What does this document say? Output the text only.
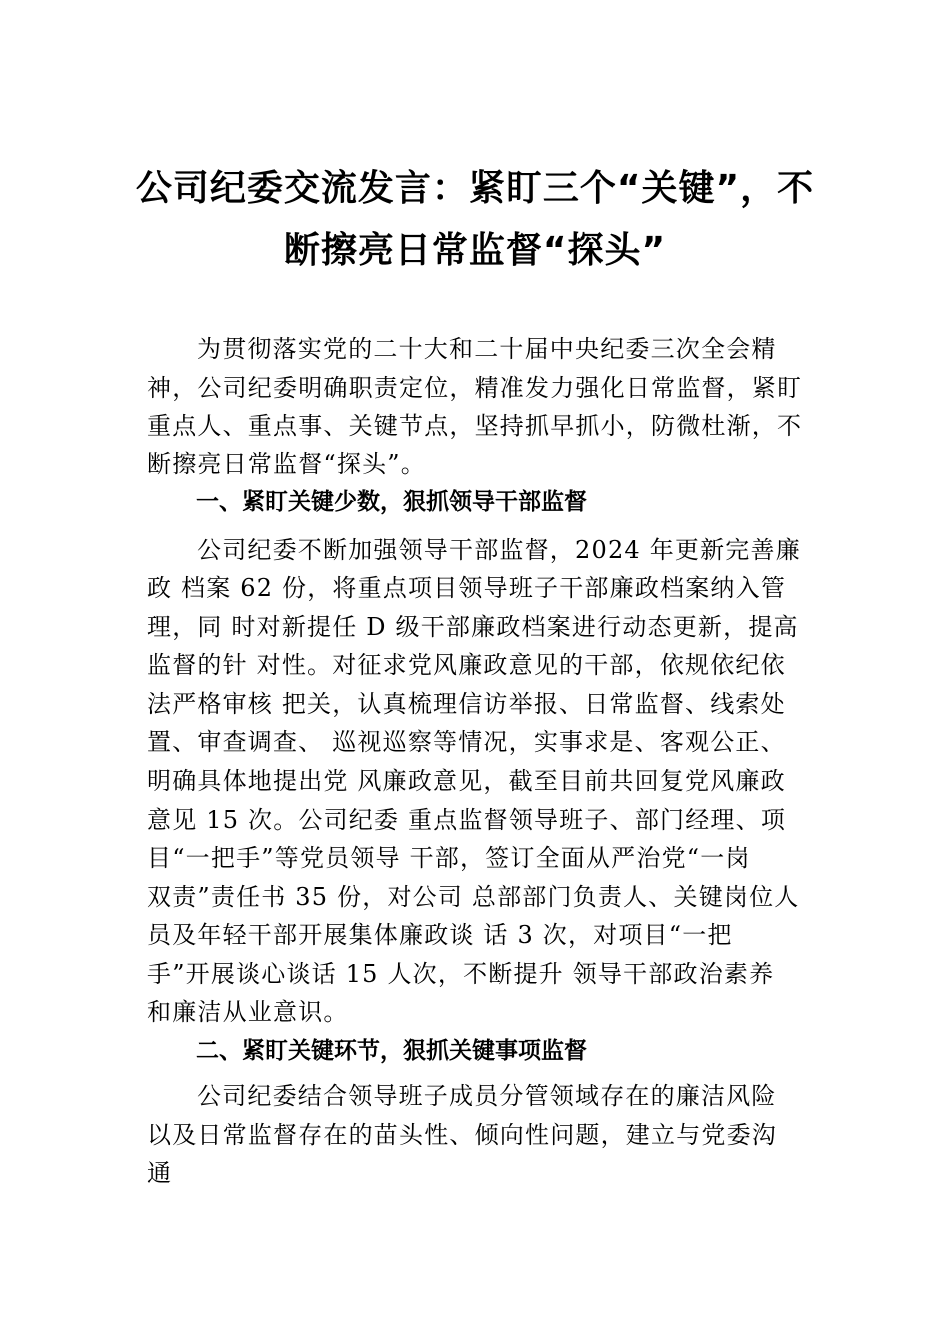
公司纪委交流发言：紧盯三个“关键”，不
断擦亮日常监督“探头”
为贯彻落实党的二十大和二十届中央纪委三次全会精
神，公司纪委明确职责定位，精准发力强化日常监督，紧盯
重点人、重点事、关键节点，坚持抓早抓小，防微杜渐，不
断擦亮日常监督“探头”。
一、紧盯关键少数，狠抓领导干部监督
公司纪委不断加强领导干部监督，2024 年更新完善廉
政 档案 62 份，将重点项目领导班子干部廉政档案纳入管
理，同 时对新提任 D 级干部廉政档案进行动态更新，提高
监督的针 对性。对征求党风廉政意见的干部，依规依纪依
法严格审核 把关，认真梳理信访举报、日常监督、线索处
置、审查调查、 巡视巡察等情况，实事求是、客观公正、
明确具体地提出党 风廉政意见，截至目前共回复党风廉政
意见 15 次。公司纪委 重点监督领导班子、部门经理、项
目“一把手”等党员领导 干部，签订全面从严治党“一岗
双责”责任书 35 份，对公司 总部部门负责人、关键岗位人
员及年轻干部开展集体廉政谈 话 3 次，对项目“一把
手”开展谈心谈话 15 人次，不断提升 领导干部政治素养
和廉洁从业意识。
二、紧盯关键环节，狠抓关键事项监督
公司纪委结合领导班子成员分管领域存在的廉洁风险
以及日常监督存在的苗头性、倾向性问题，建立与党委沟
通
